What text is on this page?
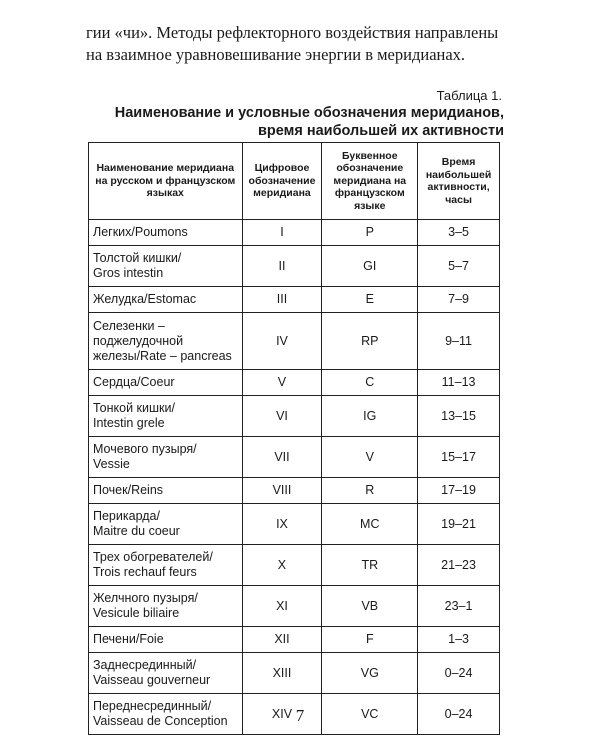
гии «чи». Методы рефлекторного воздействия направлены
на взаимное уравновешивание энергии в меридианах.

Таблица 1.

Наименование и условные обозначения меридианов,
время наибольшей их активности

Наименование меридиана на русском и французском языках	Цифровое обозначение меридиана	Буквенное обозначение меридиана на французском языке	Время наибольшей активности, часы

Легких/Poumons	I	P	3–5

Толстой кишки/
Gros intestin	II	GI	5–7

Желудка/Estomac	III	E	7–9

Селезенки –
поджелудочной
железы/Rate – pancreas	IV	RP	9–11

Сердца/Coeur	V	C	11–13

Тонкой кишки/
Intestin grele	VI	IG	13–15

Мочевого пузыря/
Vessie	VII	V	15–17

Почек/Reins	VIII	R	17–19

Перикарда/
Maitre du coeur	IX	MC	19–21

Трех обогревателей/
Trois rechauf feurs	X	TR	21–23

Желчного пузыря/
Vesicule biliaire	XI	VB	23–1

Печени/Foie	XII	F	1–3

Заднесрединный/
Vaisseau gouverneur	XIII	VG	0–24

Переднесрединный/
Vaisseau de Conception	XIV	VC	0–24

7
